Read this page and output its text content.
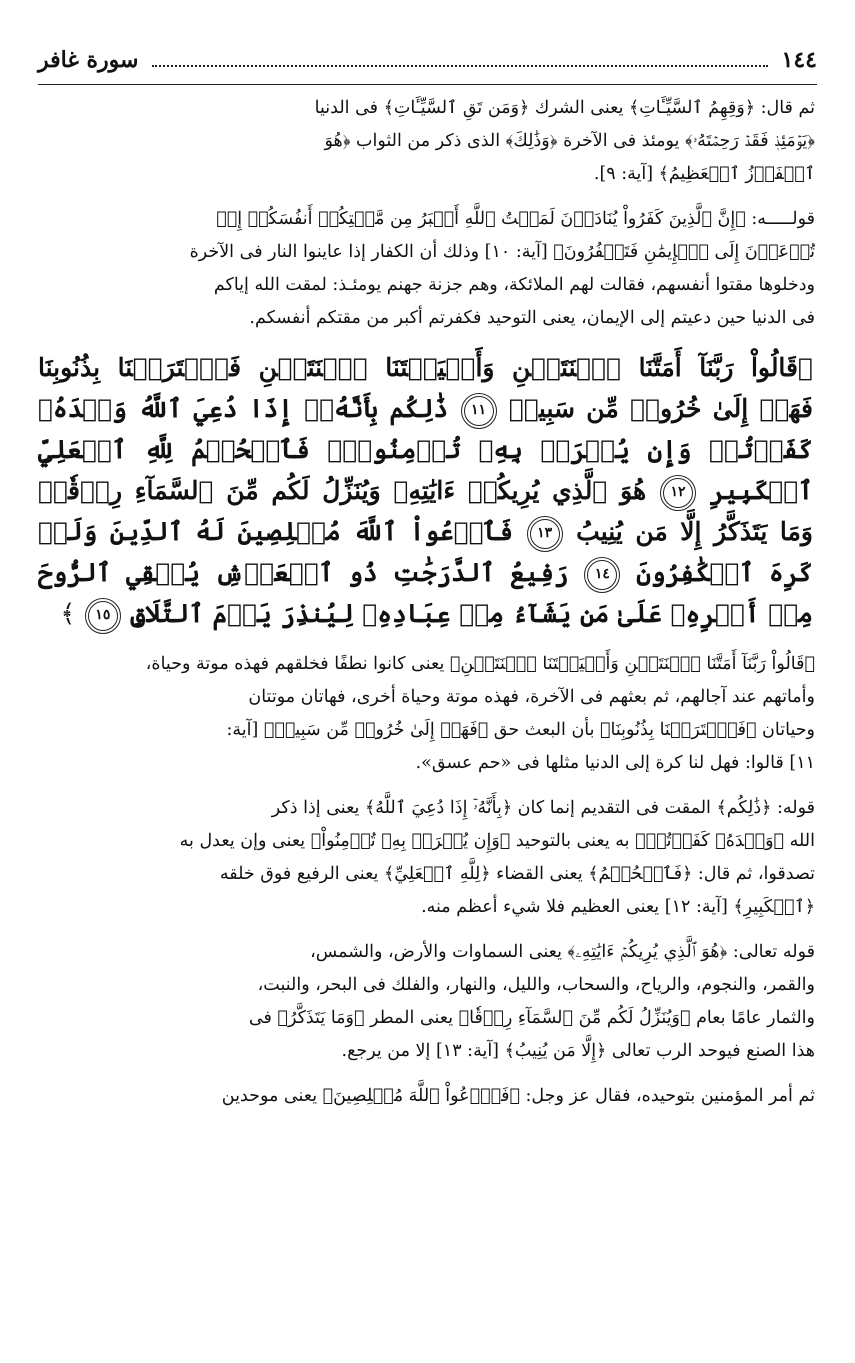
١٤٤
سورة غافر
ثم قال: ﴿وَقِهِمُ ٱلسَّيِّـَٔاتِ﴾ يعنى الشرك ﴿وَمَن تَقِ ٱلسَّيِّـَٔاتِ﴾ فى الدنيا
﴿يَوۡمَئِذٖ فَقَدۡ رَحِمۡتَهُۥ﴾ يومئذ فى الآخرة ﴿وَذَٰلِكَ﴾ الذى ذكر من الثواب ﴿هُوَ
ٱلۡفَوۡزُ ٱلۡعَظِيمُ﴾ [آية: ٩].
قولـــــه: ﴿إِنَّ ٱلَّذِينَ كَفَرُواْ يُنَادَوۡنَ لَمَقۡتُ ٱللَّهِ أَكۡبَرُ مِن مَّقۡتِكُمۡ أَنفُسَكُمۡ إِذۡ
تُدۡعَوۡنَ إِلَى ٱلۡإِيمَٰنِ فَتَكۡفُرُونَ﴾ [آية: ١٠] وذلك أن الكفار إذا عاينوا النار فى الآخرة
ودخلوها مقتوا أنفسهم، فقالت لهم الملائكة، وهم جزنة جهنم يومئـذ: لمقت الله إياكم
فى الدنيا حين دعيتم إلى الإيمان، يعنى التوحيد فكفرتم أكبر من مقتكم أنفسكم.
﴿قَالُواْ رَبَّنَآ أَمَتَّنَا ٱثۡنَتَيۡنِ وَأَحۡيَيۡتَنَا ٱثۡنَتَيۡنِ فَٱعۡتَرَفۡنَا بِذُنُوبِنَا فَهَلۡ إِلَىٰ خُرُوجٖ مِّن سَبِيلٖ ١١ ذَٰلِكُم بِأَنَّهُۥٓ إِذَا دُعِيَ ٱللَّهُ وَحۡدَهُۥ كَفَرۡتُمۡ وَإِن يُشۡرَكۡ بِهِۦ تُؤۡمِنُواْۚ فَٱلۡحُكۡمُ لِلَّهِ ٱلۡعَلِيِّ ٱلۡكَبِيرِ ١٢ هُوَ ٱلَّذِي يُرِيكُمۡ ءَايَٰتِهِۦ وَيُنَزِّلُ لَكُم مِّنَ ٱلسَّمَآءِ رِزۡقٗاۚ وَمَا يَتَذَكَّرُ إِلَّا مَن يُنِيبُ ١٣ فَٱدۡعُواْ ٱللَّهَ مُخۡلِصِينَ لَهُ ٱلدِّينَ وَلَوۡ كَرِهَ ٱلۡكَٰفِرُونَ ١٤ رَفِيعُ ٱلدَّرَجَٰتِ ذُو ٱلۡعَرۡشِ يُلۡقِي ٱلرُّوحَ مِنۡ أَمۡرِهِۦ عَلَىٰ مَن يَشَآءُ مِنۡ عِبَادِهِۦ لِيُنذِرَ يَوۡمَ ٱلتَّلَاقِ ١٥ ﴾
﴿قَالُواْ رَبَّنَآ أَمَتَّنَا ٱثۡنَتَيۡنِ وَأَحۡيَيۡتَنَا ٱثۡنَتَيۡنِ﴾ يعنى كانوا نطفًا فخلقهم فهذه موتة وحياة،
وأماتهم عند آجالهم، ثم بعثهم فى الآخرة، فهذه موتة وحياة أخرى، فهاتان موتتان
وحياتان ﴿فَٱعۡتَرَفۡنَا بِذُنُوبِنَا﴾ بأن البعث حق ﴿فَهَلۡ إِلَىٰ خُرُوجٖ مِّن سَبِيلٖ﴾ [آية:
١١] قالوا: فهل لنا كرة إلى الدنيا مثلها فى «حم عسق».
قوله: ﴿ذَٰلِكُم﴾ المقت فى التقديم إنما كان ﴿بِأَنَّهُۥٓ إِذَا دُعِيَ ٱللَّهُ﴾ يعنى إذا ذكر
الله ﴿وَحۡدَهُۥ كَفَرۡتُمۡ﴾ به يعنى بالتوحيد ﴿وَإِن يُشۡرَكۡ بِهِۦ تُؤۡمِنُواْ﴾ يعنى وإن يعدل به
تصدقوا، ثم قال: ﴿فَٱلۡحُكۡمُ﴾ يعنى القضاء ﴿لِلَّهِ ٱلۡعَلِيِّ﴾ يعنى الرفيع فوق خلقه
﴿ٱلۡكَبِيرِ﴾ [آية: ١٢] يعنى العظيم فلا شيء أعظم منه.
قوله تعالى: ﴿هُوَ ٱلَّذِي يُرِيكُمۡ ءَايَٰتِهِۦ﴾ يعنى السماوات والأرض، والشمس،
والقمر، والنجوم، والرياح، والسحاب، والليل، والنهار، والفلك فى البحر، والنبت،
والثمار عامًا بعام ﴿وَيُنَزِّلُ لَكُم مِّنَ ٱلسَّمَآءِ رِزۡقٗا﴾ يعنى المطر ﴿وَمَا يَتَذَكَّرُ﴾ فى
هذا الصنع فيوحد الرب تعالى ﴿إِلَّا مَن يُنِيبُ﴾ [آية: ١٣] إلا من يرجع.
ثم أمر المؤمنين بتوحيده، فقال عز وجل: ﴿فَٱدۡعُواْ ٱللَّهَ مُخۡلِصِينَ﴾ يعنى موحدين
